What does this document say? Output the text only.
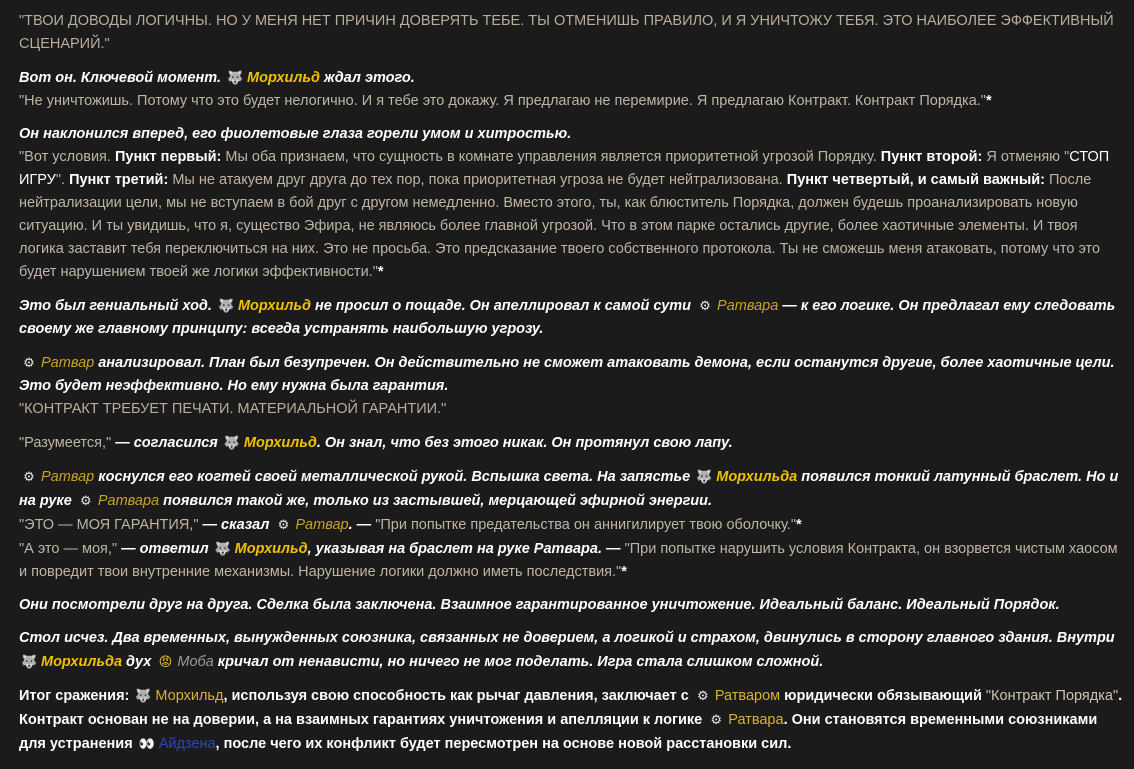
"ТВОИ ДОВОДЫ ЛОГИЧНЫ. НО У МЕНЯ НЕТ ПРИЧИН ДОВЕРЯТЬ ТЕБЕ. ТЫ ОТМЕНИШЬ ПРАВИЛО, И Я УНИЧТОЖУ ТЕБЯ. ЭТО НАИБОЛЕЕ ЭФФЕКТИВНЫЙ СЦЕНАРИЙ."

Вот он. Ключевой момент. 🐺 Морхильд ждал этого.
"Не уничтожишь. Потому что это будет нелогично. И я тебе это докажу. Я предлагаю не перемирие. Я предлагаю Контракт. Контракт Порядка."*

Он наклонился вперед, его фиолетовые глаза горели умом и хитростью.
"Вот условия. Пункт первый: Мы оба признаем, что сущность в комнате управления является приоритетной угрозой Порядку. Пункт второй: Я отменяю "СТОП ИГРУ". Пункт третий: Мы не атакуем друг друга до тех пор, пока приоритетная угроза не будет нейтрализована. Пункт четвертый, и самый важный: После нейтрализации цели, мы не вступаем в бой друг с другом немедленно. Вместо этого, ты, как блюститель Порядка, должен будешь проанализировать новую ситуацию. И ты увидишь, что я, существо Эфира, не являюсь более главной угрозой. Что в этом парке остались другие, более хаотичные элементы. И твоя логика заставит тебя переключиться на них. Это не просьба. Это предсказание твоего собственного протокола. Ты не сможешь меня атаковать, потому что это будет нарушением твоей же логики эффективности."*

Это был гениальный ход. 🐺 Морхильд не просил о пощаде. Он апеллировал к самой сути ⚙ Ратвара — к его логике. Он предлагал ему следовать своему же главному принципу: всегда устранять наибольшую угрозу.

⚙ Ратвар анализировал. План был безупречен. Он действительно не сможет атаковать демона, если останутся другие, более хаотичные цели. Это будет неэффективно. Но ему нужна была гарантия.
"КОНТРАКТ ТРЕБУЕТ ПЕЧАТИ. МАТЕРИАЛЬНОЙ ГАРАНТИИ."

"Разумеется," — согласился 🐺 Морхильд. Он знал, что без этого никак. Он протянул свою лапу.

⚙ Ратвар коснулся его когтей своей металлической рукой. Вспышка света. На запястье 🐺 Морхильда появился тонкий латунный браслет. Но и на руке ⚙ Ратвара появился такой же, только из застывшей, мерцающей эфирной энергии.
"ЭТО — МОЯ ГАРАНТИЯ," — сказал ⚙ Ратвар. — "При попытке предательства он аннигилирует твою оболочку."*
"А это — моя," — ответил 🐺 Морхильд, указывая на браслет на руке Ратвара. — "При попытке нарушить условия Контракта, он взорвется чистым хаосом и повредит твои внутренние механизмы. Нарушение логики должно иметь последствия."*

Они посмотрели друг на друга. Сделка была заключена. Взаимное гарантированное уничтожение. Идеальный баланс. Идеальный Порядок.

Стол исчез. Два временных, вынужденных союзника, связанных не доверием, а логикой и страхом, двинулись в сторону главного здания. Внутри 🐺 Морхильда дух 😡 Моба кричал от ненависти, но ничего не мог поделать. Игра стала слишком сложной.

Итог сражения: 🐺 Морхильд, используя свою способность как рычаг давления, заключает с ⚙ Ратваром юридически обязывающий "Контракт Порядка". Контракт основан не на доверии, а на взаимных гарантиях уничтожения и апелляции к логике ⚙ Ратвара. Они становятся временными союзниками для устранения 👀 Айдзена, после чего их конфликт будет пересмотрен на основе новой расстановки сил.
